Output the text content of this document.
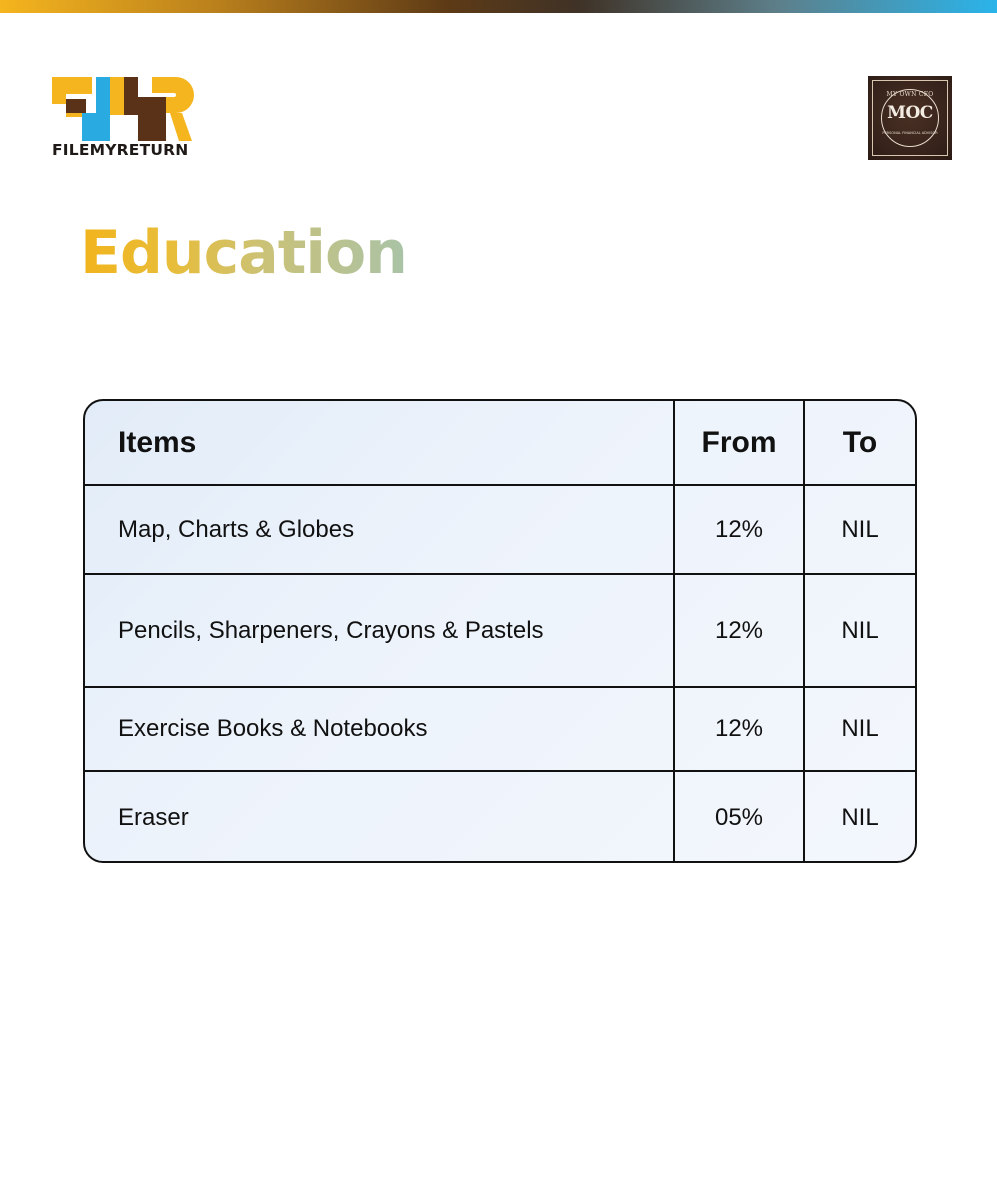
FILEMYRETURN
MY OWN CFO
MOC
PERSONAL FINANCIAL ADVISOR
Education
Items	From	To
Map, Charts & Globes	12%	NIL
Pencils, Sharpeners, Crayons & Pastels	12%	NIL
Exercise Books & Notebooks	12%	NIL
Eraser	05%	NIL
